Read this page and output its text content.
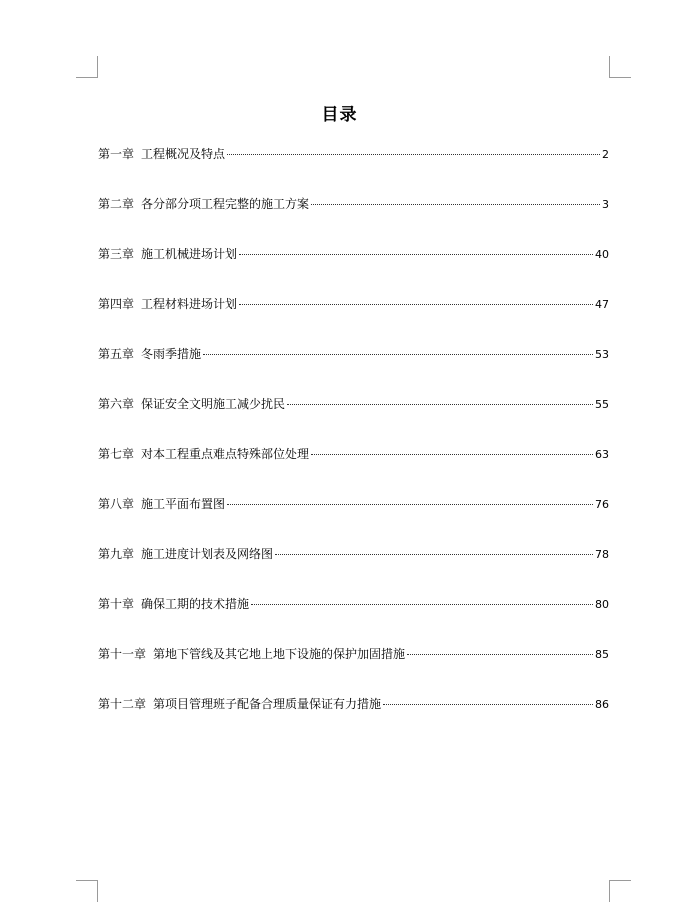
目录
第一章 工程概况及特点	2
第二章 各分部分项工程完整的施工方案	3
第三章 施工机械进场计划	40
第四章 工程材料进场计划	47
第五章 冬雨季措施	53
第六章 保证安全文明施工减少扰民	55
第七章 对本工程重点难点特殊部位处理	63
第八章 施工平面布置图	76
第九章 施工进度计划表及网络图	78
第十章 确保工期的技术措施	80
第十一章 第地下管线及其它地上地下设施的保护加固措施	85
第十二章 第项目管理班子配备合理质量保证有力措施	86
